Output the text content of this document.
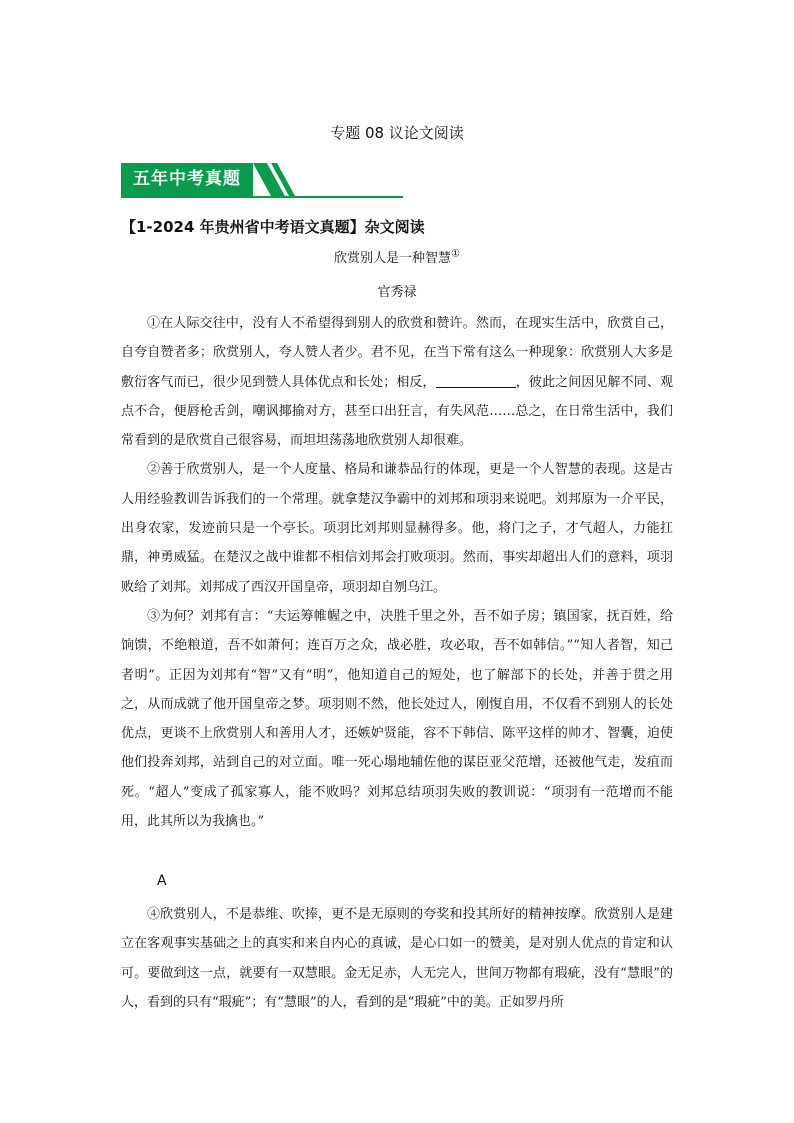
专题 08 议论文阅读
五年中考真题
【1-2024 年贵州省中考语文真题】杂文阅读
欣赏别人是一种智慧①
官秀禄

①在人际交往中，没有人不希望得到别人的欣赏和赞许。然而，在现实生活中，欣赏自己，自夸自赞者多；欣赏别人，夸人赞人者少。君不见，在当下常有这么一种现象：欣赏别人大多是敷衍客气而已，很少见到赞人具体优点和长处；相反，	，彼此之间因见解不同、观点不合，便唇枪舌剑，嘲讽揶揄对方，甚至口出狂言，有失风范……总之，在日常生活中，我们常看到的是欣赏自己很容易，而坦坦荡荡地欣赏别人却很难。

②善于欣赏别人，是一个人度量、格局和谦恭品行的体现，更是一个人智慧的表现。这是古人用经验教训告诉我们的一个常理。就拿楚汉争霸中的刘邦和项羽来说吧。刘邦原为一介平民，出身农家，发迹前只是一个亭长。项羽比刘邦则显赫得多。他，将门之子，才气超人，力能扛鼎，神勇威猛。在楚汉之战中谁都不相信刘邦会打败项羽。然而，事实却超出人们的意料，项羽败给了刘邦。刘邦成了西汉开国皇帝，项羽却自刎乌江。

③为何？刘邦有言：“夫运筹帷幄之中，决胜千里之外，吾不如子房；镇国家，抚百姓，给饷馈，不绝粮道，吾不如萧何；连百万之众，战必胜，攻必取，吾不如韩信。”“知人者智，知己者明”。正因为刘邦有“智”又有“明”，他知道自己的短处，也了解部下的长处，并善于贯之用之，从而成就了他开国皇帝之梦。项羽则不然，他长处过人，刚愎自用，不仅看不到别人的长处优点，更谈不上欣赏别人和善用人才，还嫉妒贤能，容不下韩信、陈平这样的帅才、智囊，迫使他们投奔刘邦，站到自己的对立面。唯一死心塌地辅佐他的谋臣亚父范增，还被他气走，发疽而死。“超人”变成了孤家寡人，能不败吗？刘邦总结项羽失败的教训说：“项羽有一范增而不能用，此其所以为我擒也。”

A

④欣赏别人，不是恭维、吹捧，更不是无原则的夸奖和投其所好的精神按摩。欣赏别人是建立在客观事实基础之上的真实和来自内心的真诚，是心口如一的赞美，是对别人优点的肯定和认可。要做到这一点，就要有一双慧眼。金无足赤，人无完人，世间万物都有瑕疵，没有“慧眼”的人，看到的只有“瑕疵”；有“慧眼”的人，看到的是“瑕疵”中的美。正如罗丹所
